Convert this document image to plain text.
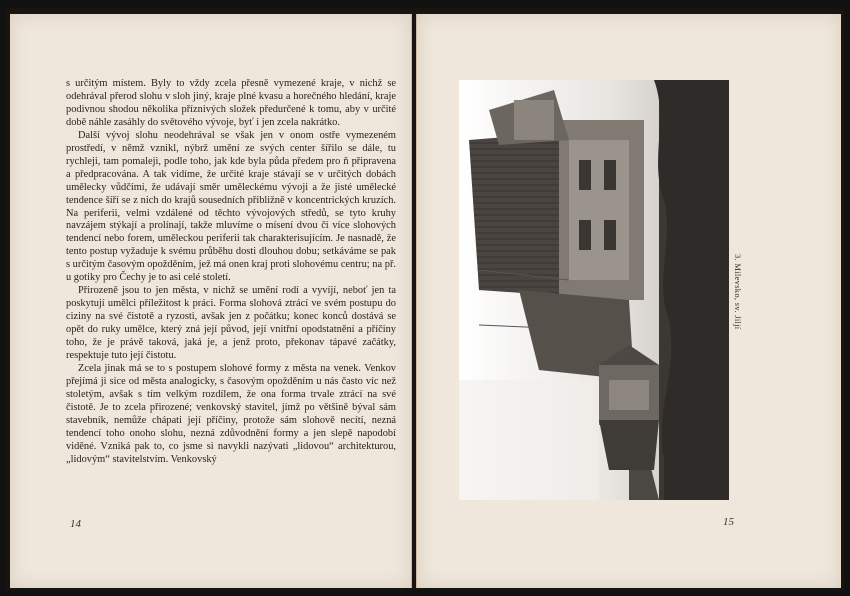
s určitým místem. Byly to vždy zcela přesně vymezené kraje, v nichž se odehrával přerod slohu v sloh jiný, kraje plné kvasu a horečného hledání, kraje podivnou shodou několika příznivých složek předurčené k tomu, aby v určité době náhle zasáhly do světového vývoje, byť i jen zcela nakrátko.

Další vývoj slohu neodehrával se však jen v onom ostře vymezeném prostředí, v němž vznikl, nýbrž umění ze svých center šířilo se dále, tu rychleji, tam pomaleji, podle toho, jak kde byla půda předem pro ň připravena a předpracována. A tak vidíme, že určité kraje stávají se v určitých dobách umělecky vůdčími, že udávají směr uměleckému vývoji a že jisté umělecké tendence šíří se z nich do krajů sousedních přibližně v koncentrických kruzích. Na periferii, velmi vzdálené od těchto vývojových středů, se tyto kruhy navzájem stýkají a prolínají, takže mluvíme o mísení dvou či více slohových tendencí nebo forem, uměleckou periferii tak charakterisujícím. Je nasnadě, že tento postup vyžaduje k svému průběhu dosti dlouhou dobu; setkáváme se pak s určitým časovým opožděním, jež má onen kraj proti slohovému centru; na př. u gotiky pro Čechy je to asi celé století.

Přirozeně jsou to jen města, v nichž se umění rodí a vyvíjí, neboť jen ta poskytují umělci příležitost k práci. Forma slohová ztrácí ve svém postupu do ciziny na své čistotě a ryzosti, avšak jen z počátku; konec konců dostává se opět do ruky umělce, který zná její původ, její vnitřní opodstatnění a příčiny toho, že je právě taková, jaká je, a jenž proto, překonav tápavé začátky, respektuje tuto její čistotu.

Zcela jinak má se to s postupem slohové formy z města na venek. Venkov přejímá ji sice od města analogicky, s časovým opožděním u nás často víc než stoletým, avšak s tím velkým rozdílem, že ona forma trvale ztrácí na své čistotě. Je to zcela přirozené; venkovský stavitel, jímž po většině býval sám stavebník, nemůže chápati její příčiny, protože sám slohově necítí, nezná tendencí toho onoho slohu, nezná zdůvodnění formy a jen slepě napodobí viděné. Vzniká pak to, co jsme si navykli nazývati „lidovou“ architekturou, „lidovým“ stavitelstvím. Venkovský

14
3. Milevsko, sv. Jiljí
15
